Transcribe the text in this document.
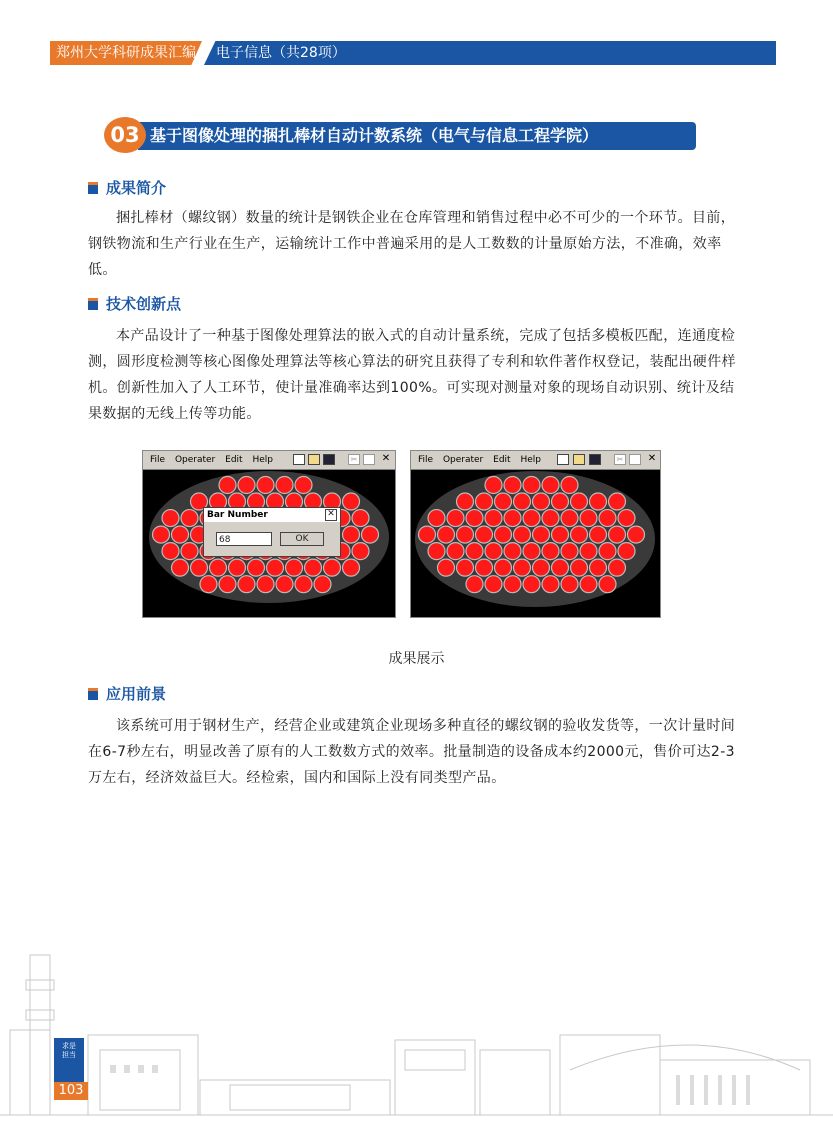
郑州大学科研成果汇编 电子信息（共28项）
03 基于图像处理的捆扎棒材自动计数系统（电气与信息工程学院）
成果简介
捆扎棒材（螺纹钢）数量的统计是钢铁企业在仓库管理和销售过程中必不可少的一个环节。目前，钢铁物流和生产行业在生产，运输统计工作中普遍采用的是人工数数的计量原始方法，不准确，效率低。
技术创新点
本产品设计了一种基于图像处理算法的嵌入式的自动计量系统，完成了包括多模板匹配，连通度检测，圆形度检测等核心图像处理算法等核心算法的研究且获得了专利和软件著作权登记，装配出硬件样机。创新性加入了人工环节，使计量准确率达到100%。可实现对测量对象的现场自动识别、统计及结果数据的无线上传等功能。
File Operater Edit Help	✂ ✕
Bar Number	✕
68	OK
File Operater Edit Help	✂ ✕
成果展示
应用前景
该系统可用于钢材生产，经营企业或建筑企业现场多种直径的螺纹钢的验收发货等，一次计量时间在6-7秒左右，明显改善了原有的人工数数方式的效率。批量制造的设备成本约2000元，售价可达2-3万左右，经济效益巨大。经检索，国内和国际上没有同类型产品。
求是担当
103
